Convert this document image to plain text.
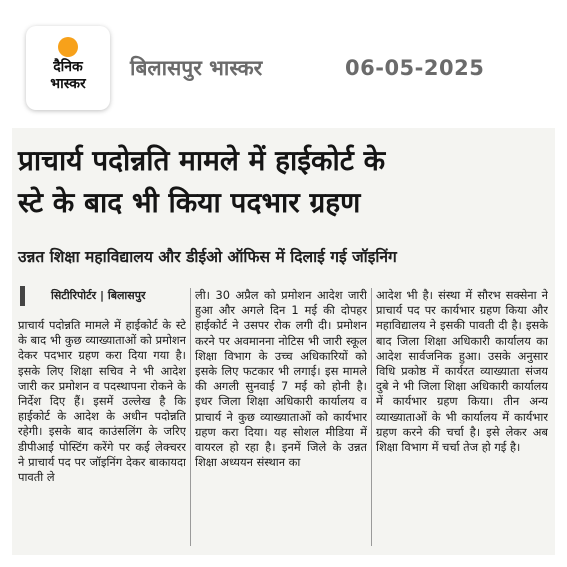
दैनिक
भास्कर
बिलासपुर भास्कर	06-05-2025
प्राचार्य पदोन्नति मामले में हाईकोर्ट के
स्टे के बाद भी किया पदभार ग्रहण
उन्नत शिक्षा महाविद्यालय और डीईओ ऑफिस में दिलाई गई जॉइनिंग
सिटीरिपोर्टर | बिलासपुर
प्राचार्य पदोन्नति मामले में हाईकोर्ट के स्टे के बाद भी कुछ व्याख्याताओं को प्रमोशन देकर पदभार ग्रहण करा दिया गया है। इसके लिए शिक्षा सचिव ने भी आदेश जारी कर प्रमोशन व पदस्थापना रोकने के निर्देश दिए हैं। इसमें उल्लेख है कि हाईकोर्ट के आदेश के अधीन पदोन्नति रहेगी। इसके बाद काउंसलिंग के जरिए डीपीआई पोस्टिंग करेंगे पर कई लेक्चरर ने प्राचार्य पद पर जॉइनिंग देकर बाकायदा पावती ले
ली। 30 अप्रैल को प्रमोशन आदेश जारी हुआ और अगले दिन 1 मई की दोपहर हाईकोर्ट ने उसपर रोक लगी दी। प्रमोशन करने पर अवमानना नोटिस भी जारी स्कूल शिक्षा विभाग के उच्च अधिकारियों को इसके लिए फटकार भी लगाई। इस मामले की अगली सुनवाई 7 मई को होनी है। इधर जिला शिक्षा अधिकारी कार्यालय व प्राचार्य ने कुछ व्याख्याताओं को कार्यभार ग्रहण करा दिया। यह सोशल मीडिया में वायरल हो रहा है। इनमें जिले के उन्नत शिक्षा अध्ययन संस्थान का
आदेश भी है। संस्था में सौरभ सक्सेना ने प्राचार्य पद पर कार्यभार ग्रहण किया और महाविद्यालय ने इसकी पावती दी है। इसके बाद जिला शिक्षा अधिकारी कार्यालय का आदेश सार्वजनिक हुआ। उसके अनुसार विधि प्रकोष्ठ में कार्यरत व्याख्याता संजय दुबे ने भी जिला शिक्षा अधिकारी कार्यालय में कार्यभार ग्रहण किया। तीन अन्य व्याख्याताओं के भी कार्यालय में कार्यभार ग्रहण करने की चर्चा है। इसे लेकर अब शिक्षा विभाग में चर्चा तेज हो गई है।
